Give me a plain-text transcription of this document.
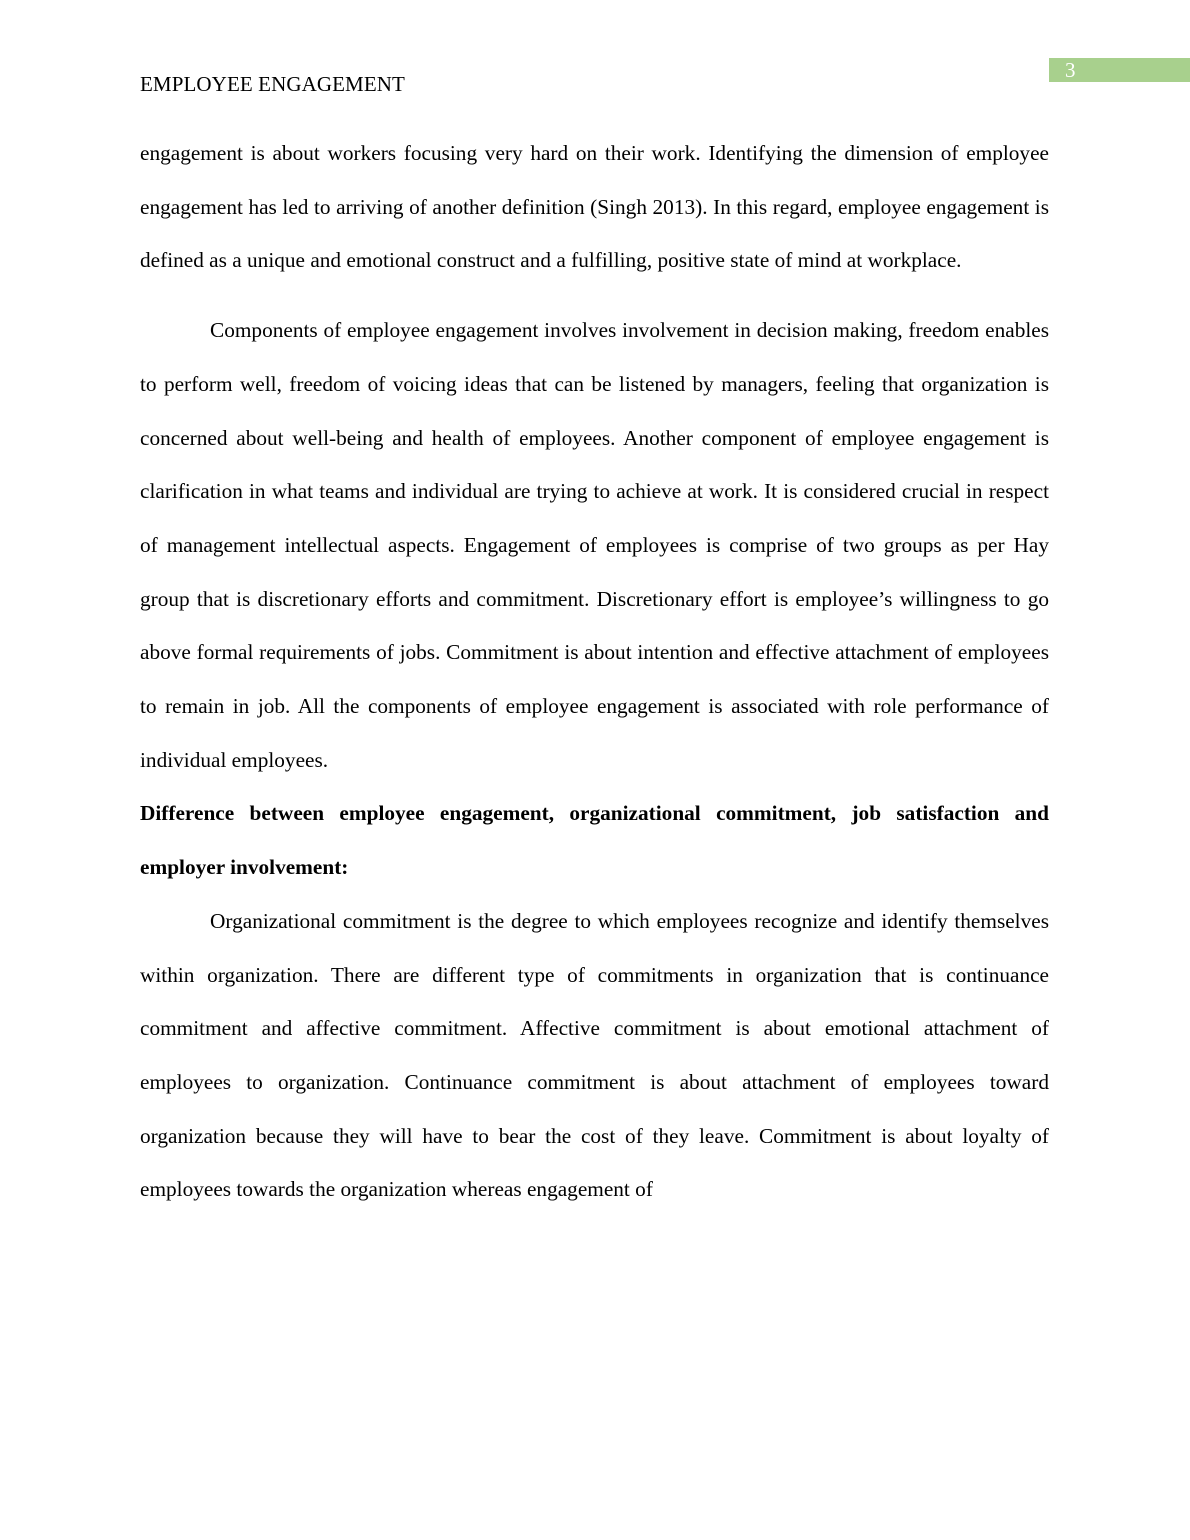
3
EMPLOYEE ENGAGEMENT

engagement is about workers focusing very hard on their work. Identifying the dimension of employee engagement has led to arriving of another definition (Singh 2013). In this regard, employee engagement is defined as a unique and emotional construct and a fulfilling, positive state of mind at workplace.

Components of employee engagement involves involvement in decision making, freedom enables to perform well, freedom of voicing ideas that can be listened by managers, feeling that organization is concerned about well-being and health of employees. Another component of employee engagement is clarification in what teams and individual are trying to achieve at work. It is considered crucial in respect of management intellectual aspects. Engagement of employees is comprise of two groups as per Hay group that is discretionary efforts and commitment. Discretionary effort is employee’s willingness to go above formal requirements of jobs. Commitment is about intention and effective attachment of employees to remain in job. All the components of employee engagement is associated with role performance of individual employees.

Difference between employee engagement, organizational commitment, job satisfaction and employer involvement:

Organizational commitment is the degree to which employees recognize and identify themselves within organization. There are different type of commitments in organization that is continuance commitment and affective commitment. Affective commitment is about emotional attachment of employees to organization. Continuance commitment is about attachment of employees toward organization because they will have to bear the cost of they leave. Commitment is about loyalty of employees towards the organization whereas engagement of
